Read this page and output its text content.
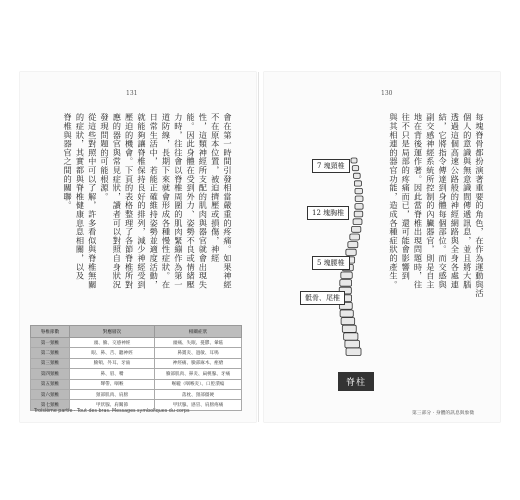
131
會在第一時間引發相當嚴重的疼痛。如果神經
不在原本位置，被迫擠壓或損傷，神經
性，這類神經所支配的肌肉與器官就會出現失
能。因此身體在受到外力、姿勢不良或情緒壓
力時，往往會以脊椎周圍的肌肉緊繃作為第一
道防線，長期下來就會形成各種慢性症狀。在
日常生活中，若能正確維持姿勢並適度活動，
就能夠讓脊椎保持良好的排列，減少神經受到
壓迫的機會。下頁的表格整理了各節脊椎所對
應的器官與常見症狀，讀者可以對照自身狀況
發現問題的可能根源。
從這些對照中可以了解，許多看似與脊椎無關
的症狀，其實都與脊椎健康息息相關，以及
脊椎與器官之間的關聯。
脊椎節數	對應層次	相關症狀
第一頸椎	頭、臉、交感神經	頭痛、失眠、憂鬱、暈眩
第二頸椎	眼、鼻、舌、聽神經	鼻竇炎、過敏、耳鳴
第三頸椎	臉頰、外耳、牙齒	神經痛、臉部麻木、痤瘡
第四頸椎	鼻、唇、嘴	臉部肌肉、鼻炎、扁桃腺、牙痛
第五頸椎	聲帶、咽喉	喉嚨（咽喉炎）、口腔潰瘍
第六頸椎	頸部肌肉、肩膀	落枕、頸部僵硬
第七頸椎	甲狀腺、肩關節	甲狀腺、感冒、肩膀疼痛
Troisième partie · Tout des bras. Messages symboliques du corps
130
7 塊頸椎
12 塊胸椎
5 塊腰椎
骶骨、尾椎
脊柱
每塊脊骨都扮演著重要的角色，在作為運動與活
個人的意識與無意識間傳遞訊息，並且將大腦
透過這個高速公路般的神經網路與全身各處連
結，它將指令傳達到身體每個部位。而交感與
副交感神經系統所控制的內臟器官，則是自主
地在背後運作著。因此當脊椎出現問題時，往
往不只是局部的疼痛而已，還可能會影響到
與其相連的器官功能，造成各種症狀的產生。
第三部分 · 身體的訊息與象徵
